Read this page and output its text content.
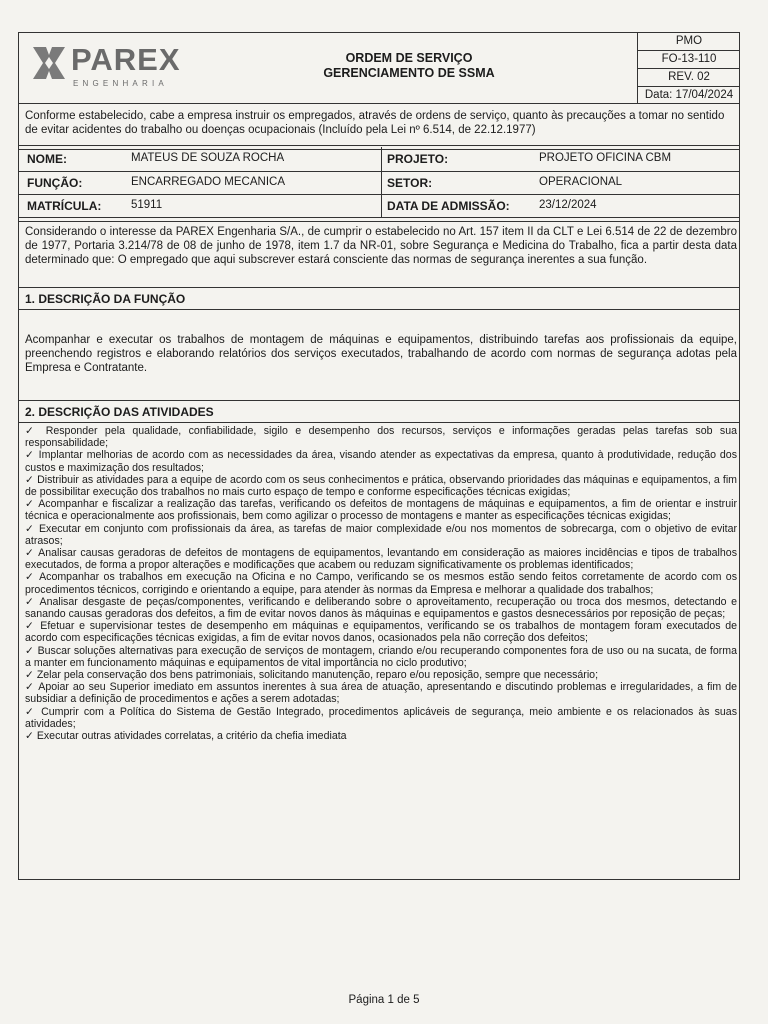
PAREX
ENGENHARIA
ORDEM DE SERVIÇO
GERENCIAMENTO DE SSMA
PMO
FO-13-110
REV. 02
Data: 17/04/2024
Conforme estabelecido, cabe a empresa instruir os empregados, através de ordens de serviço, quanto às precauções a tomar no sentido de evitar acidentes do trabalho ou doenças ocupacionais (Incluído pela Lei nº 6.514, de 22.12.1977)
NOME:	MATEUS DE SOUZA ROCHA	PROJETO:	PROJETO OFICINA CBM
FUNÇÃO:	ENCARREGADO MECANICA	SETOR:	OPERACIONAL
MATRÍCULA:	51911	DATA DE ADMISSÃO:	23/12/2024
Considerando o interesse da PAREX Engenharia S/A., de cumprir o estabelecido no Art. 157 item II da CLT e Lei 6.514 de 22 de dezembro de 1977, Portaria 3.214/78 de 08 de junho de 1978, item 1.7 da NR-01, sobre Segurança e Medicina do Trabalho, fica a partir desta data determinado que: O empregado que aqui subscrever estará consciente das normas de segurança inerentes a sua função.
1. DESCRIÇÃO DA FUNÇÃO
Acompanhar e executar os trabalhos de montagem de máquinas e equipamentos, distribuindo tarefas aos profissionais da equipe, preenchendo registros e elaborando relatórios dos serviços executados, trabalhando de acordo com normas de segurança adotas pela Empresa e Contratante.
2. DESCRIÇÃO DAS ATIVIDADES
✓ Responder pela qualidade, confiabilidade, sigilo e desempenho dos recursos, serviços e informações geradas pelas tarefas sob sua responsabilidade;
✓ Implantar melhorias de acordo com as necessidades da área, visando atender as expectativas da empresa, quanto à produtividade, redução dos custos e maximização dos resultados;
✓ Distribuir as atividades para a equipe de acordo com os seus conhecimentos e prática, observando prioridades das máquinas e equipamentos, a fim de possibilitar execução dos trabalhos no mais curto espaço de tempo e conforme especificações técnicas exigidas;
✓ Acompanhar e fiscalizar a realização das tarefas, verificando os defeitos de montagens de máquinas e equipamentos, a fim de orientar e instruir técnica e operacionalmente aos profissionais, bem como agilizar o processo de montagens e manter as especificações técnicas exigidas;
✓ Executar em conjunto com profissionais da área, as tarefas de maior complexidade e/ou nos momentos de sobrecarga, com o objetivo de evitar atrasos;
✓ Analisar causas geradoras de defeitos de montagens de equipamentos, levantando em consideração as maiores incidências e tipos de trabalhos executados, de forma a propor alterações e modificações que acabem ou reduzam significativamente os problemas identificados;
✓ Acompanhar os trabalhos em execução na Oficina e no Campo, verificando se os mesmos estão sendo feitos corretamente de acordo com os procedimentos técnicos, corrigindo e orientando a equipe, para atender às normas da Empresa e melhorar a qualidade dos trabalhos;
✓ Analisar desgaste de peças/componentes, verificando e deliberando sobre o aproveitamento, recuperação ou troca dos mesmos, detectando e sanando causas geradoras dos defeitos, a fim de evitar novos danos às máquinas e equipamentos e gastos desnecessários por reposição de peças;
✓ Efetuar e supervisionar testes de desempenho em máquinas e equipamentos, verificando se os trabalhos de montagem foram executados de acordo com especificações técnicas exigidas, a fim de evitar novos danos, ocasionados pela não correção dos defeitos;
✓ Buscar soluções alternativas para execução de serviços de montagem, criando e/ou recuperando componentes fora de uso ou na sucata, de forma a manter em funcionamento máquinas e equipamentos de vital importância no ciclo produtivo;
✓ Zelar pela conservação dos bens patrimoniais, solicitando manutenção, reparo e/ou reposição, sempre que necessário;
✓ Apoiar ao seu Superior imediato em assuntos inerentes à sua área de atuação, apresentando e discutindo problemas e irregularidades, a fim de subsidiar a definição de procedimentos e ações a serem adotadas;
✓ Cumprir com a Política do Sistema de Gestão Integrado, procedimentos aplicáveis de segurança, meio ambiente e os relacionados às suas atividades;
✓ Executar outras atividades correlatas, a critério da chefia imediata
Página 1 de 5
